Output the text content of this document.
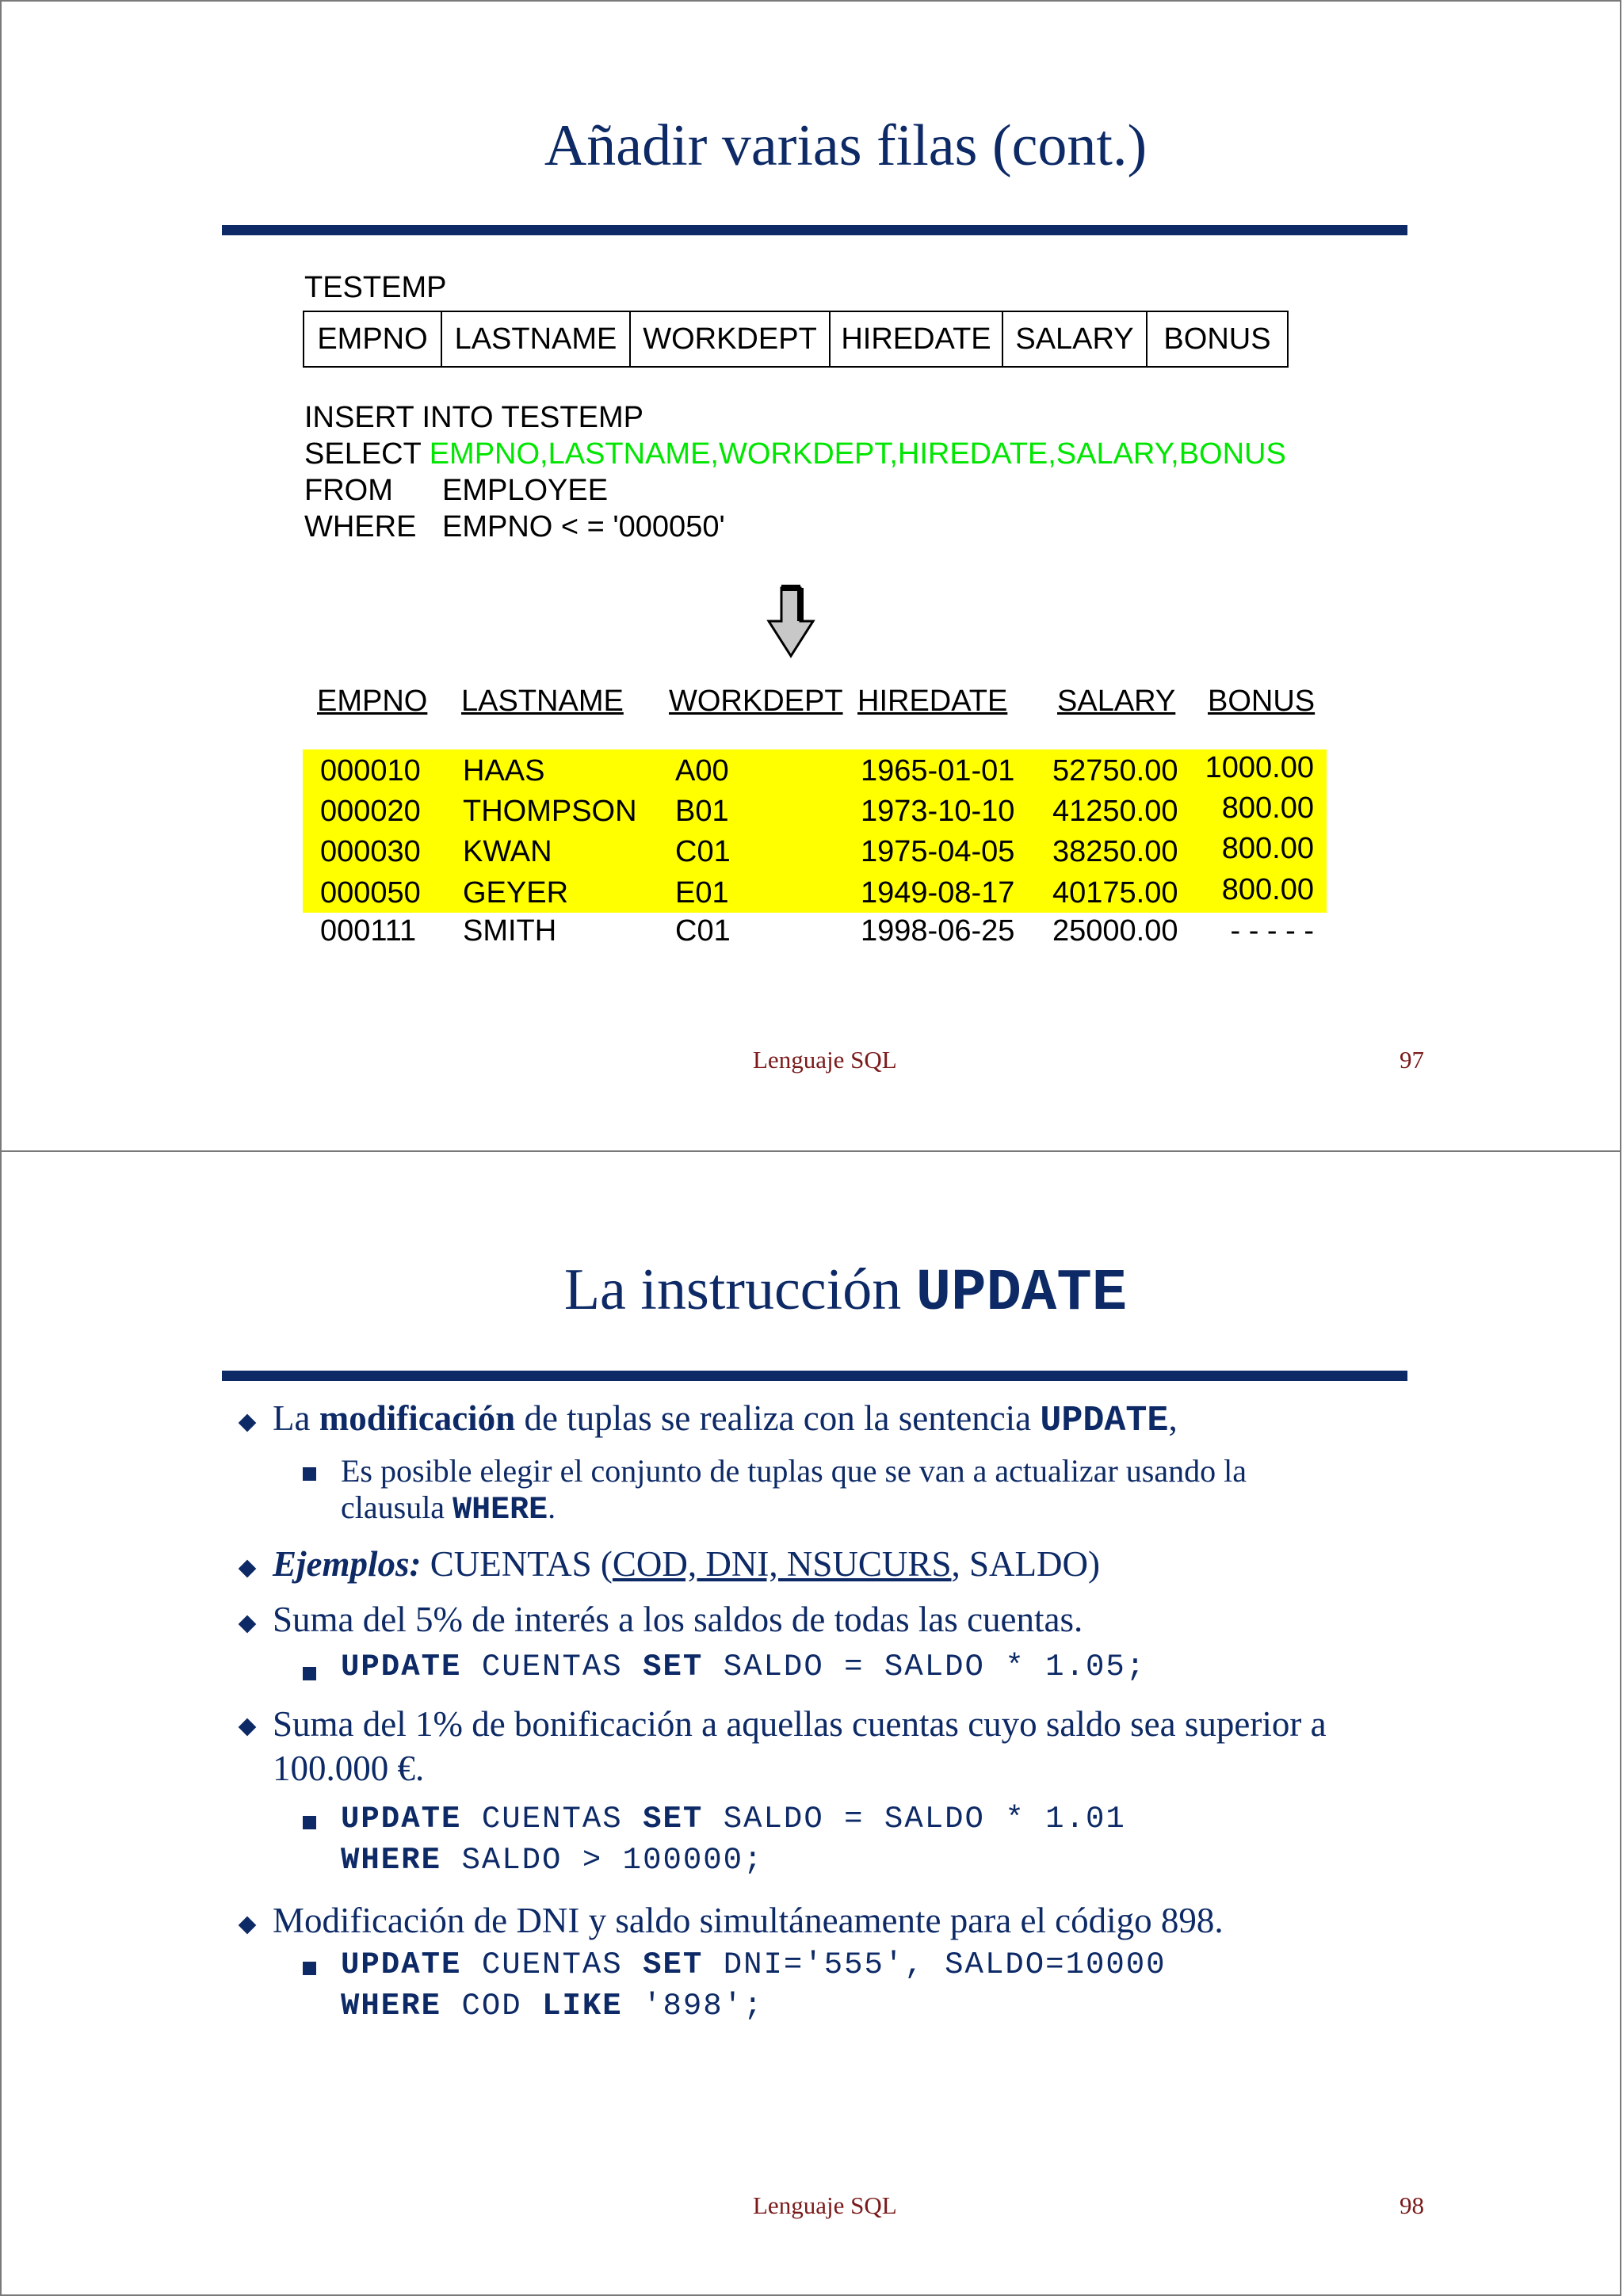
Añadir varias filas (cont.)
TESTEMP
EMPNO LASTNAME WORKDEPT HIREDATE SALARY BONUS
INSERT INTO TESTEMP
SELECT EMPNO,LASTNAME,WORKDEPT,HIREDATE,SALARY,BONUS
FROM EMPLOYEE
WHERE EMPNO < = '000050'
EMPNO LASTNAME WORKDEPT HIREDATE SALARY BONUS
000010 HAAS	A00	1965-01-01 52750.00 1000.00
000020 THOMPSON B01	1973-10-10 41250.00 800.00
000030 KWAN	C01	1975-04-05 38250.00 800.00
000050 GEYER	E01	1949-08-17 40175.00 800.00
000111 SMITH	C01	1998-06-25 25000.00 - - - - -
Lenguaje SQL	97
La instrucción UPDATE
La modificación de tuplas se realiza con la sentencia UPDATE,
Es posible elegir el conjunto de tuplas que se van a actualizar usando la
clausula WHERE.
Ejemplos: CUENTAS (COD, DNI, NSUCURS, SALDO)
Suma del 5% de interés a los saldos de todas las cuentas.
UPDATE CUENTAS SET SALDO = SALDO * 1.05;
Suma del 1% de bonificación a aquellas cuentas cuyo saldo sea superior a
100.000 €.
UPDATE CUENTAS SET SALDO = SALDO * 1.01
WHERE SALDO > 100000;
Modificación de DNI y saldo simultáneamente para el código 898.
UPDATE CUENTAS SET DNI='555', SALDO=10000
WHERE COD LIKE '898';
Lenguaje SQL	98
